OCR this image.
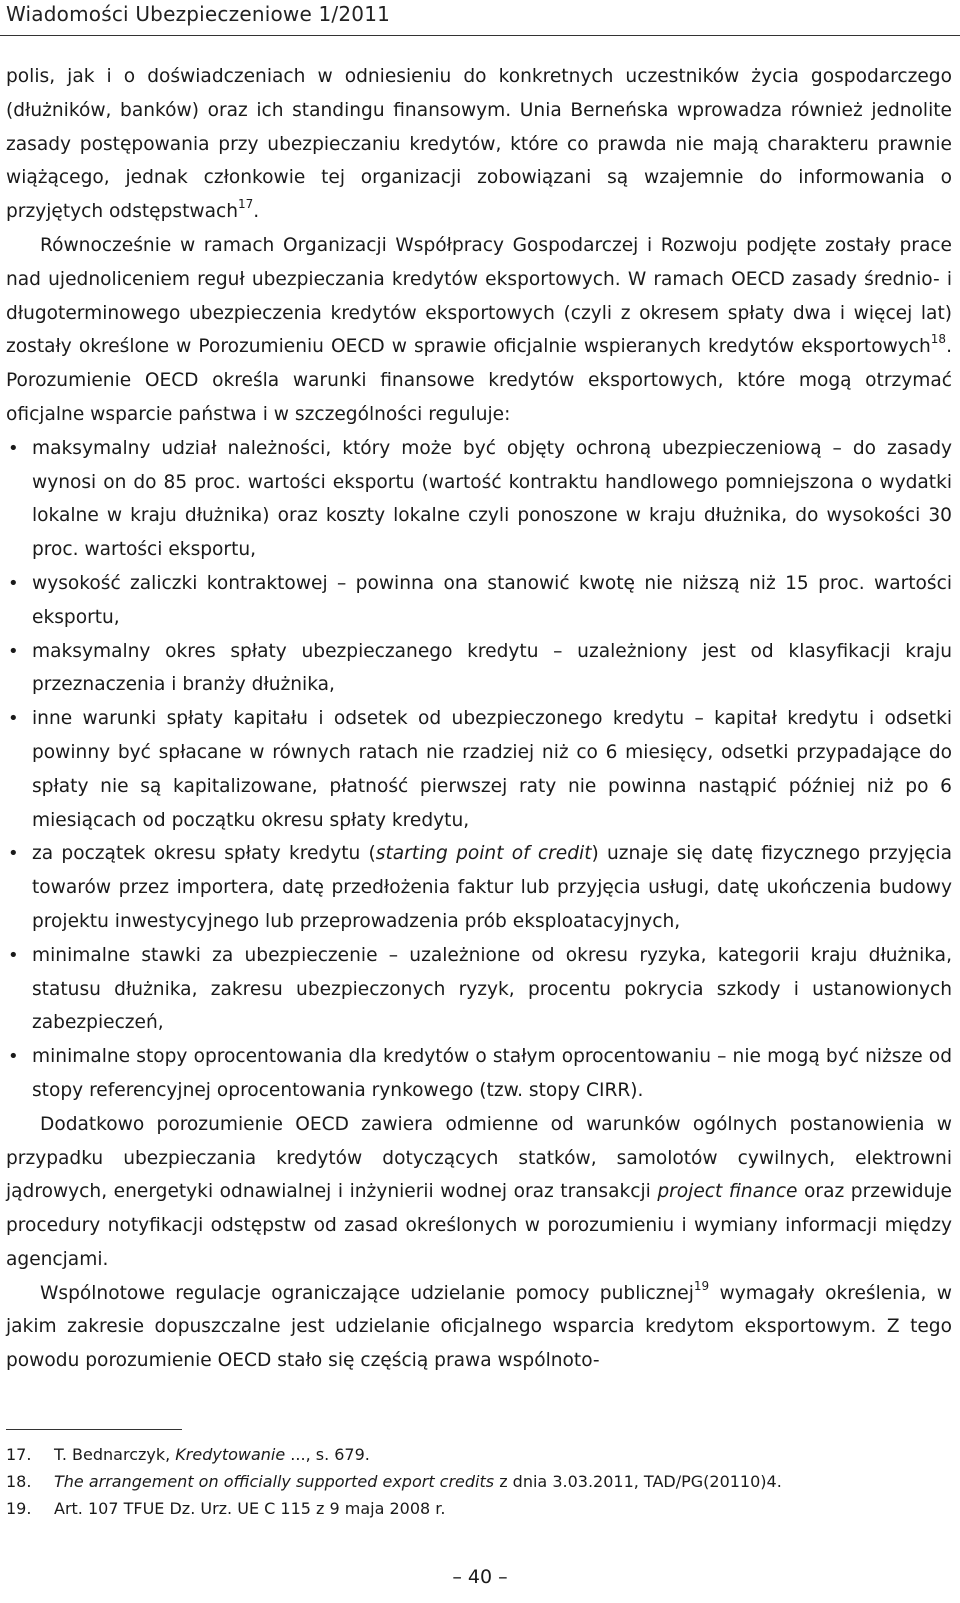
Wiadomości Ubezpieczeniowe 1/2011

polis, jak i o doświadczeniach w odniesieniu do konkretnych uczestników życia gospodarczego (dłużników, banków) oraz ich standingu finansowym. Unia Berneńska wprowadza również jednolite zasady postępowania przy ubezpieczaniu kredytów, które co prawda nie mają charakteru prawnie wiążącego, jednak członkowie tej organizacji zobowiązani są wzajemnie do informowania o przyjętych odstępstwach$^{17}$.

Równocześnie w ramach Organizacji Współpracy Gospodarczej i Rozwoju podjęte zostały prace nad ujednoliceniem reguł ubezpieczania kredytów eksportowych. W ramach OECD zasady średnio- i długoterminowego ubezpieczenia kredytów eksportowych (czyli z okresem spłaty dwa i więcej lat) zostały określone w Porozumieniu OECD w sprawie oficjalnie wspieranych kredytów eksportowych$^{18}$. Porozumienie OECD określa warunki finansowe kredytów eksportowych, które mogą otrzymać oficjalne wsparcie państwa i w szczególności reguluje:

• maksymalny udział należności, który może być objęty ochroną ubezpieczeniową – do zasady wynosi on do 85 proc. wartości eksportu (wartość kontraktu handlowego pomniejszona o wydatki lokalne w kraju dłużnika) oraz koszty lokalne czyli ponoszone w kraju dłużnika, do wysokości 30 proc. wartości eksportu,
• wysokość zaliczki kontraktowej – powinna ona stanowić kwotę nie niższą niż 15 proc. wartości eksportu,
• maksymalny okres spłaty ubezpieczanego kredytu – uzależniony jest od klasyfikacji kraju przeznaczenia i branży dłużnika,
• inne warunki spłaty kapitału i odsetek od ubezpieczonego kredytu – kapitał kredytu i odsetki powinny być spłacane w równych ratach nie rzadziej niż co 6 miesięcy, odsetki przypadające do spłaty nie są kapitalizowane, płatność pierwszej raty nie powinna nastąpić później niż po 6 miesiącach od początku okresu spłaty kredytu,
• za początek okresu spłaty kredytu (starting point of credit) uznaje się datę fizycznego przyjęcia towarów przez importera, datę przedłożenia faktur lub przyjęcia usługi, datę ukończenia budowy projektu inwestycyjnego lub przeprowadzenia prób eksploatacyjnych,
• minimalne stawki za ubezpieczenie – uzależnione od okresu ryzyka, kategorii kraju dłużnika, statusu dłużnika, zakresu ubezpieczonych ryzyk, procentu pokrycia szkody i ustanowionych zabezpieczeń,
• minimalne stopy oprocentowania dla kredytów o stałym oprocentowaniu – nie mogą być niższe od stopy referencyjnej oprocentowania rynkowego (tzw. stopy CIRR).

Dodatkowo porozumienie OECD zawiera odmienne od warunków ogólnych postanowienia w przypadku ubezpieczania kredytów dotyczących statków, samolotów cywilnych, elektrowni jądrowych, energetyki odnawialnej i inżynierii wodnej oraz transakcji project finance oraz przewiduje procedury notyfikacji odstępstw od zasad określonych w porozumieniu i wymiany informacji między agencjami.

Wspólnotowe regulacje ograniczające udzielanie pomocy publicznej$^{19}$ wymagały określenia, w jakim zakresie dopuszczalne jest udzielanie oficjalnego wsparcia kredytom eksportowym. Z tego powodu porozumienie OECD stało się częścią prawa wspólnoto-

17.	T. Bednarczyk, Kredytowanie ..., s. 679.
18.	The arrangement on officially supported export credits z dnia 3.03.2011, TAD/PG(20110)4.
19.	Art. 107 TFUE Dz. Urz. UE C 115 z 9 maja 2008 r.
– 40 –
